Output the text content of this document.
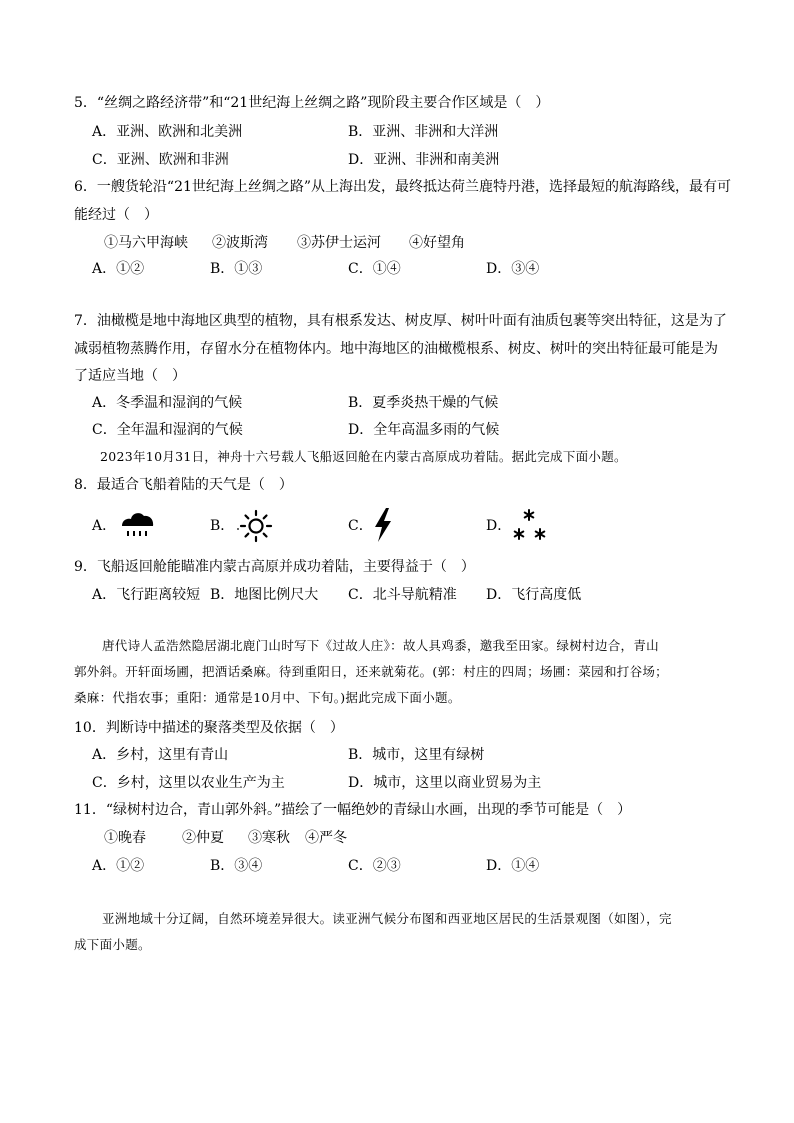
5．“丝绸之路经济带”和“21世纪海上丝绸之路”现阶段主要合作区域是（　）
A．亚洲、欧洲和北美洲	B．亚洲、非洲和大洋洲
C．亚洲、欧洲和非洲	D．亚洲、非洲和南美洲
6．一艘货轮沿“21世纪海上丝绸之路”从上海出发，最终抵达荷兰鹿特丹港，选择最短的航海路线，最有可
能经过（　）
①马六甲海峡 ②波斯湾 ③苏伊士运河 ④好望角
A．①②	B．①③	C．①④	D．③④
7．油橄榄是地中海地区典型的植物，具有根系发达、树皮厚、树叶叶面有油质包裹等突出特征，这是为了
减弱植物蒸腾作用，存留水分在植物体内。地中海地区的油橄榄根系、树皮、树叶的突出特征最可能是为
了适应当地（　）
A．冬季温和湿润的气候	B．夏季炎热干燥的气候
C．全年温和湿润的气候	D．全年高温多雨的气候
2023年10月31日，神舟十六号载人飞船返回舱在内蒙古高原成功着陆。据此完成下面小题。
8．最适合飞船着陆的天气是（　）
A．	B．	C．	D．
9．飞船返回舱能瞄准内蒙古高原并成功着陆，主要得益于（　）
A．飞行距离较短 B．地图比例尺大 C．北斗导航精准 D．飞行高度低
唐代诗人孟浩然隐居湖北鹿门山时写下《过故人庄》：故人具鸡黍，邀我至田家。绿树村边合，青山
郭外斜。开轩面场圃，把酒话桑麻。待到重阳日，还来就菊花。(郭：村庄的四周；场圃：菜园和打谷场；
桑麻：代指农事；重阳：通常是10月中、下旬。)据此完成下面小题。
10．判断诗中描述的聚落类型及依据（　）
A．乡村，这里有青山	B．城市，这里有绿树
C．乡村，这里以农业生产为主	D．城市，这里以商业贸易为主
11．“绿树村边合，青山郭外斜。”描绘了一幅绝妙的青绿山水画，出现的季节可能是（　）
①晚春	②仲夏 ③寒秋 ④严冬
A．①②	B．③④	C．②③	D．①④
亚洲地域十分辽阔，自然环境差异很大。读亚洲气候分布图和西亚地区居民的生活景观图（如图），完
成下面小题。
